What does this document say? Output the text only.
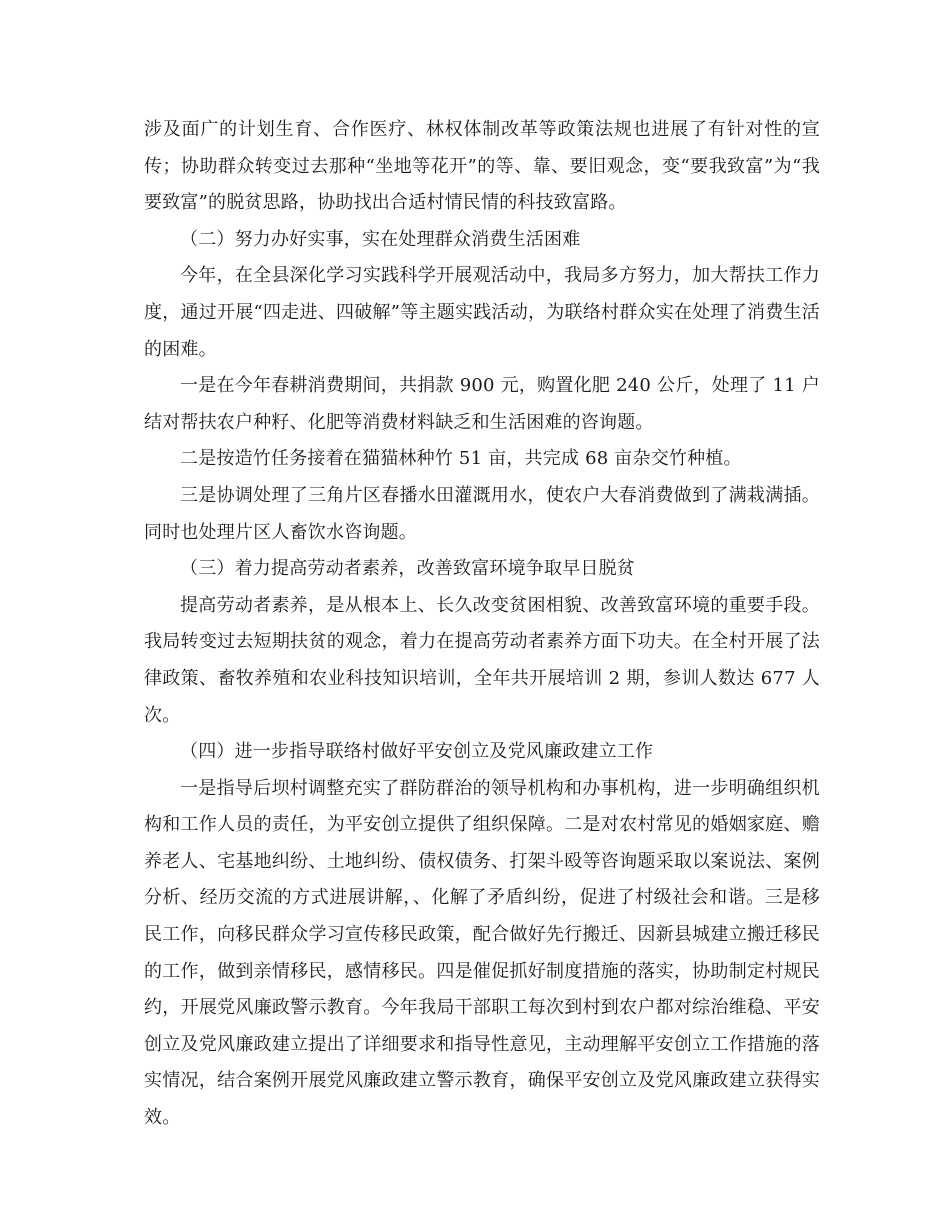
涉及面广的计划生育、合作医疗、林权体制改革等政策法规也进展了有针对性的宣传；协助群众转变过去那种“坐地等花开”的等、靠、要旧观念，变“要我致富”为“我要致富”的脱贫思路，协助找出合适村情民情的科技致富路。

（二）努力办好实事，实在处理群众消费生活困难

今年，在全县深化学习实践科学开展观活动中，我局多方努力，加大帮扶工作力度，通过开展“四走进、四破解”等主题实践活动，为联络村群众实在处理了消费生活的困难。

一是在今年春耕消费期间，共捐款 900 元，购置化肥 240 公斤，处理了 11 户结对帮扶农户种籽、化肥等消费材料缺乏和生活困难的咨询题。

二是按造竹任务接着在猫猫林种竹 51 亩，共完成 68 亩杂交竹种植。

三是协调处理了三角片区春播水田灌溉用水，使农户大春消费做到了满栽满插。同时也处理片区人畜饮水咨询题。

（三）着力提高劳动者素养，改善致富环境争取早日脱贫

提高劳动者素养，是从根本上、长久改变贫困相貌、改善致富环境的重要手段。我局转变过去短期扶贫的观念，着力在提高劳动者素养方面下功夫。在全村开展了法律政策、畜牧养殖和农业科技知识培训，全年共开展培训 2 期，参训人数达 677 人次。

（四）进一步指导联络村做好平安创立及党风廉政建立工作

一是指导后坝村调整充实了群防群治的领导机构和办事机构，进一步明确组织机构和工作人员的责任，为平安创立提供了组织保障。二是对农村常见的婚姻家庭、赡养老人、宅基地纠纷、土地纠纷、债权债务、打架斗殴等咨询题采取以案说法、案例分析、经历交流的方式进展讲解，、化解了矛盾纠纷，促进了村级社会和谐。三是移民工作，向移民群众学习宣传移民政策，配合做好先行搬迁、因新县城建立搬迁移民的工作，做到亲情移民，感情移民。四是催促抓好制度措施的落实，协助制定村规民约，开展党风廉政警示教育。今年我局干部职工每次到村到农户都对综治维稳、平安创立及党风廉政建立提出了详细要求和指导性意见，主动理解平安创立工作措施的落实情况，结合案例开展党风廉政建立警示教育，确保平安创立及党风廉政建立获得实效。
